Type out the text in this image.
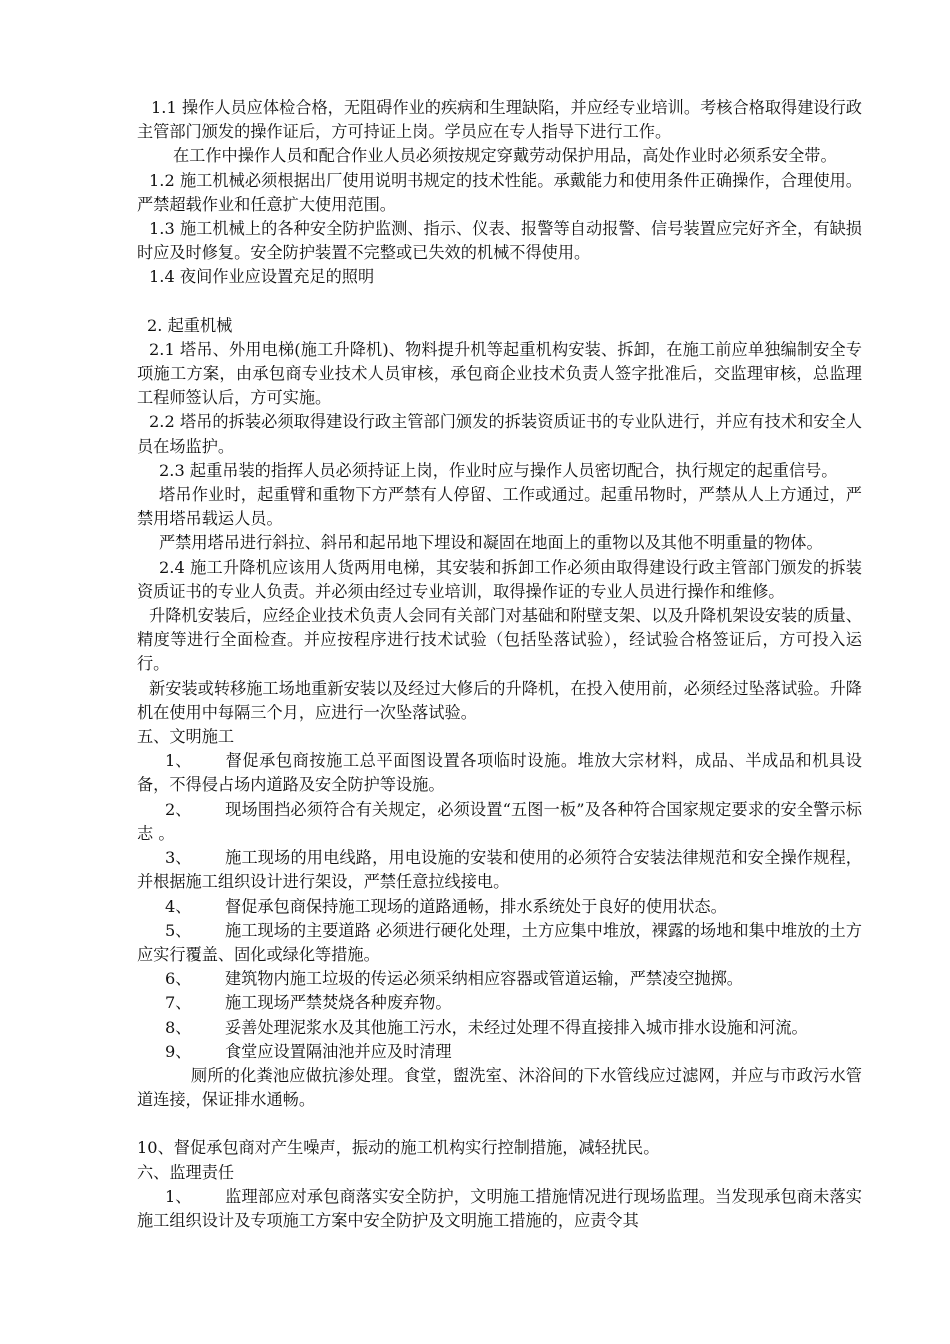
1.1 操作人员应体检合格，无阻碍作业的疾病和生理缺陷，并应经专业培训。考核合格取得建设行政主管部门颁发的操作证后，方可持证上岗。学员应在专人指导下进行工作。

在工作中操作人员和配合作业人员必须按规定穿戴劳动保护用品，高处作业时必须系安全带。

1.2 施工机械必须根据出厂使用说明书规定的技术性能。承戴能力和使用条件正确操作，合理使用。严禁超载作业和任意扩大使用范围。

1.3 施工机械上的各种安全防护监测、指示、仪表、报警等自动报警、信号装置应完好齐全，有缺损时应及时修复。安全防护装置不完整或已失效的机械不得使用。

1.4 夜间作业应设置充足的照明

2. 起重机械

2.1 塔吊、外用电梯(施工升降机)、物料提升机等起重机构安装、拆卸，在施工前应单独编制安全专项施工方案，由承包商专业技术人员审核，承包商企业技术负责人签字批准后，交监理审核，总监理工程师签认后，方可实施。

2.2 塔吊的拆装必须取得建设行政主管部门颁发的拆装资质证书的专业队进行，并应有技术和安全人员在场监护。

2.3 起重吊装的指挥人员必须持证上岗，作业时应与操作人员密切配合，执行规定的起重信号。

塔吊作业时，起重臂和重物下方严禁有人停留、工作或通过。起重吊物时，严禁从人上方通过，严禁用塔吊载运人员。

严禁用塔吊进行斜拉、斜吊和起吊地下埋设和凝固在地面上的重物以及其他不明重量的物体。

2.4 施工升降机应该用人货两用电梯，其安装和拆卸工作必须由取得建设行政主管部门颁发的拆装资质证书的专业人负责。并必须由经过专业培训，取得操作证的专业人员进行操作和维修。

升降机安装后，应经企业技术负责人会同有关部门对基础和附壁支架、以及升降机架设安装的质量、精度等进行全面检查。并应按程序进行技术试验（包括坠落试验），经试验合格签证后，方可投入运行。

新安装或转移施工场地重新安装以及经过大修后的升降机，在投入使用前，必须经过坠落试验。升降机在使用中每隔三个月，应进行一次坠落试验。

五、文明施工

1、 督促承包商按施工总平面图设置各项临时设施。堆放大宗材料，成品、半成品和机具设备，不得侵占场内道路及安全防护等设施。

2、 现场围挡必须符合有关规定，必须设置“五图一板”及各种符合国家规定要求的安全警示标志 。

3、 施工现场的用电线路，用电设施的安装和使用的必须符合安装法律规范和安全操作规程，并根据施工组织设计进行架设，严禁任意拉线接电。

4、 督促承包商保持施工现场的道路通畅，排水系统处于良好的使用状态。

5、 施工现场的主要道路 必须进行硬化处理，土方应集中堆放，裸露的场地和集中堆放的土方应实行覆盖、固化或绿化等措施。

6、 建筑物内施工垃圾的传运必须采纳相应容器或管道运输，严禁凌空抛掷。

7、 施工现场严禁焚烧各种废弃物。

8、 妥善处理泥浆水及其他施工污水，未经过处理不得直接排入城市排水设施和河流。

9、 食堂应设置隔油池并应及时清理

厕所的化粪池应做抗渗处理。食堂，盥洗室、沐浴间的下水管线应过滤网，并应与市政污水管道连接，保证排水通畅。

10、督促承包商对产生噪声，振动的施工机构实行控制措施，减轻扰民。

六、监理责任

1、 监理部应对承包商落实安全防护，文明施工措施情况进行现场监理。当发现承包商未落实施工组织设计及专项施工方案中安全防护及文明施工措施的，应责令其
